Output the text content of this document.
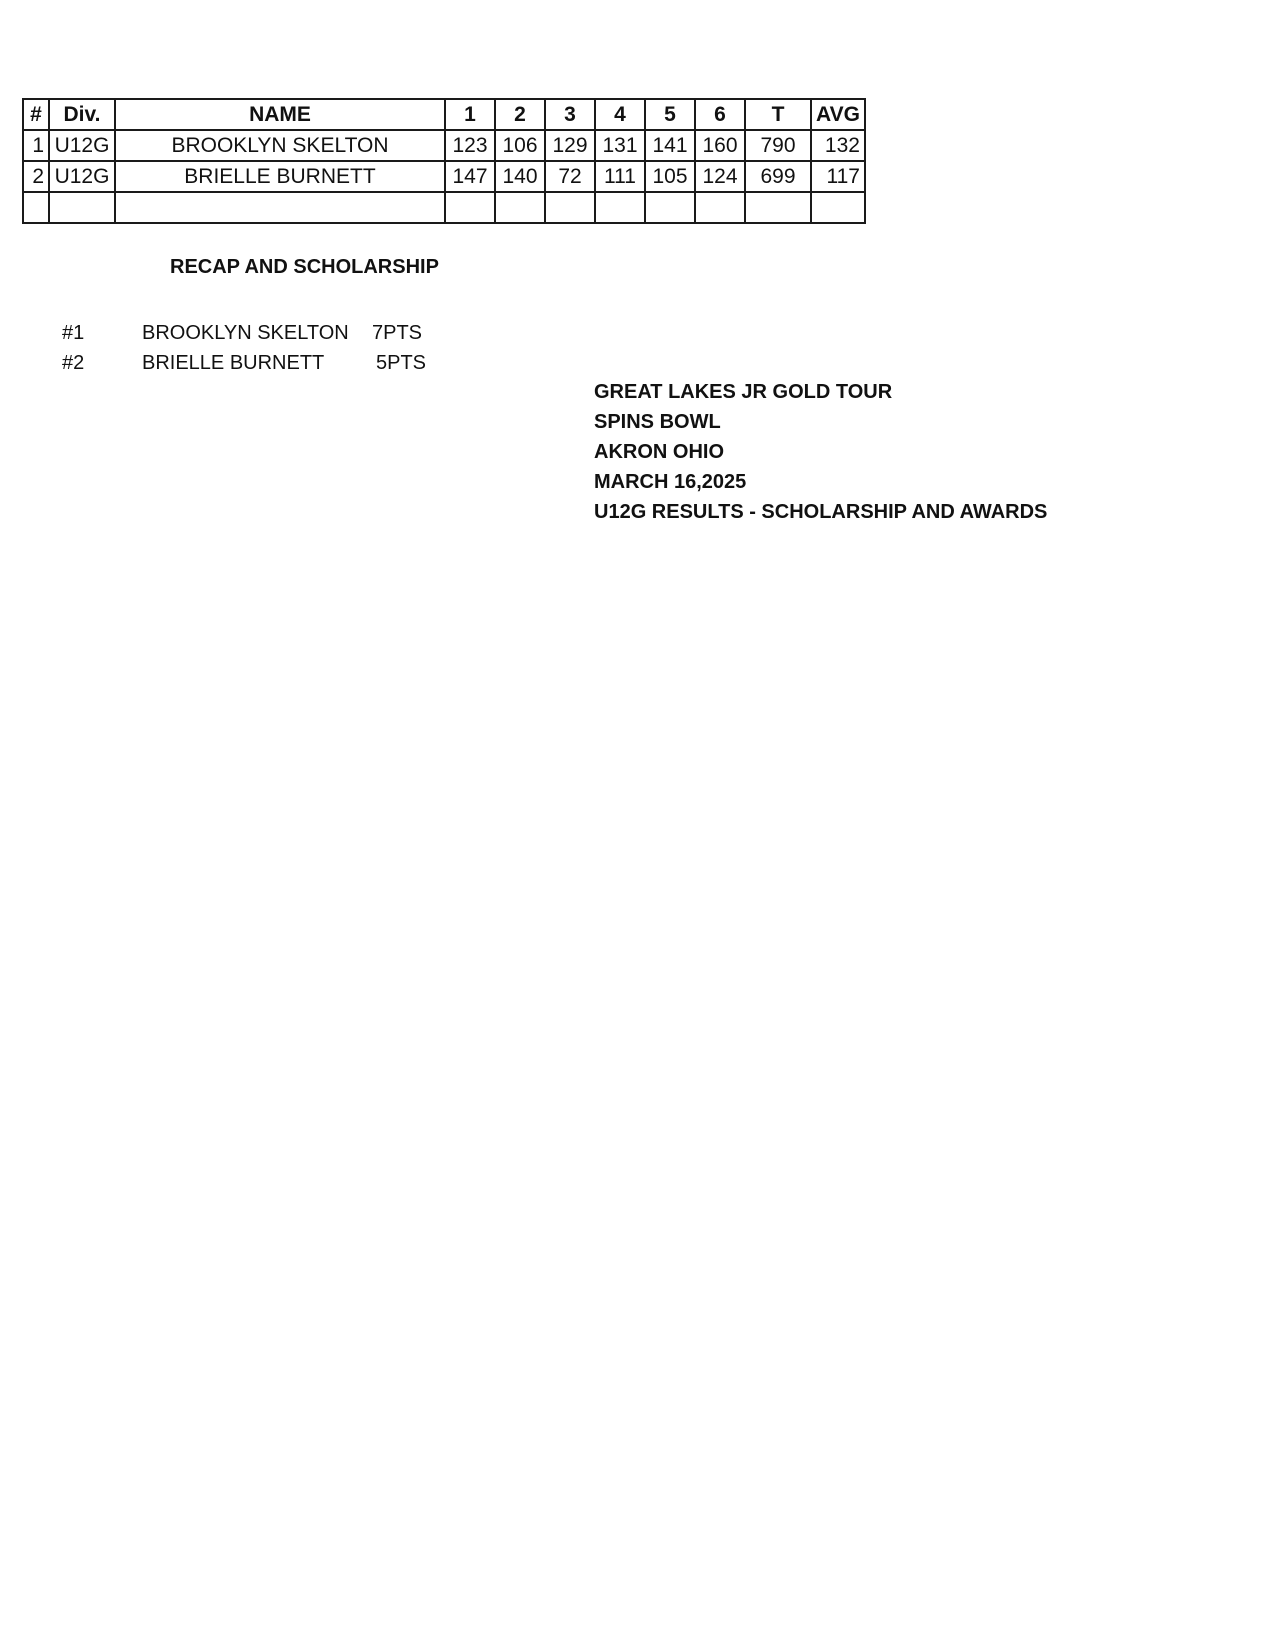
#	Div.	NAME	1	2	3	4	5	6	T	AVG
1	U12G	BROOKLYN SKELTON	123	106	129	131	141	160	790	132
2	U12G	BRIELLE BURNETT	147	140	72	111	105	124	699	117

RECAP AND SCHOLARSHIP
#1	BROOKLYN SKELTON 7PTS
#2	BRIELLE BURNETT	5PTS
GREAT LAKES JR GOLD TOUR
SPINS BOWL
AKRON OHIO
MARCH 16,2025
U12G RESULTS - SCHOLARSHIP AND AWARDS
